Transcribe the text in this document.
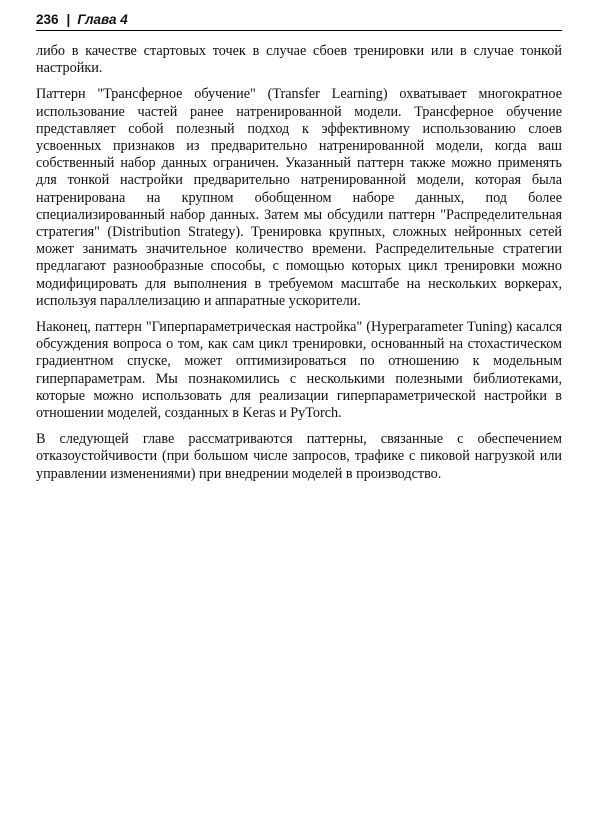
236 | Глава 4

либо в качестве стартовых точек в случае сбоев тренировки или в случае тонкой настройки.

Паттерн "Трансферное обучение" (Transfer Learning) охватывает многократное использование частей ранее натренированной модели. Трансферное обучение представляет собой полезный подход к эффективному использованию слоев усвоенных признаков из предварительно натренированной модели, когда ваш собственный набор данных ограничен. Указанный паттерн также можно применять для тонкой настройки предварительно натренированной модели, которая была натренирована на крупном обобщенном наборе данных, под более специализированный набор данных. Затем мы обсудили паттерн "Распределительная стратегия" (Distribution Strategy). Тренировка крупных, сложных нейронных сетей может занимать значительное количество времени. Распределительные стратегии предлагают разнообразные способы, с помощью которых цикл тренировки можно модифицировать для выполнения в требуемом масштабе на нескольких воркерах, используя параллелизацию и аппаратные ускорители.

Наконец, паттерн "Гиперпараметрическая настройка" (Hyperparameter Tuning) касался обсуждения вопроса о том, как сам цикл тренировки, основанный на стохастическом градиентном спуске, может оптимизироваться по отношению к модельным гиперпараметрам. Мы познакомились с несколькими полезными библиотеками, которые можно использовать для реализации гиперпараметрической настройки в отношении моделей, созданных в Keras и PyTorch.

В следующей главе рассматриваются паттерны, связанные с обеспечением отказоустойчивости (при большом числе запросов, трафике с пиковой нагрузкой или управлении изменениями) при внедрении моделей в производство.
